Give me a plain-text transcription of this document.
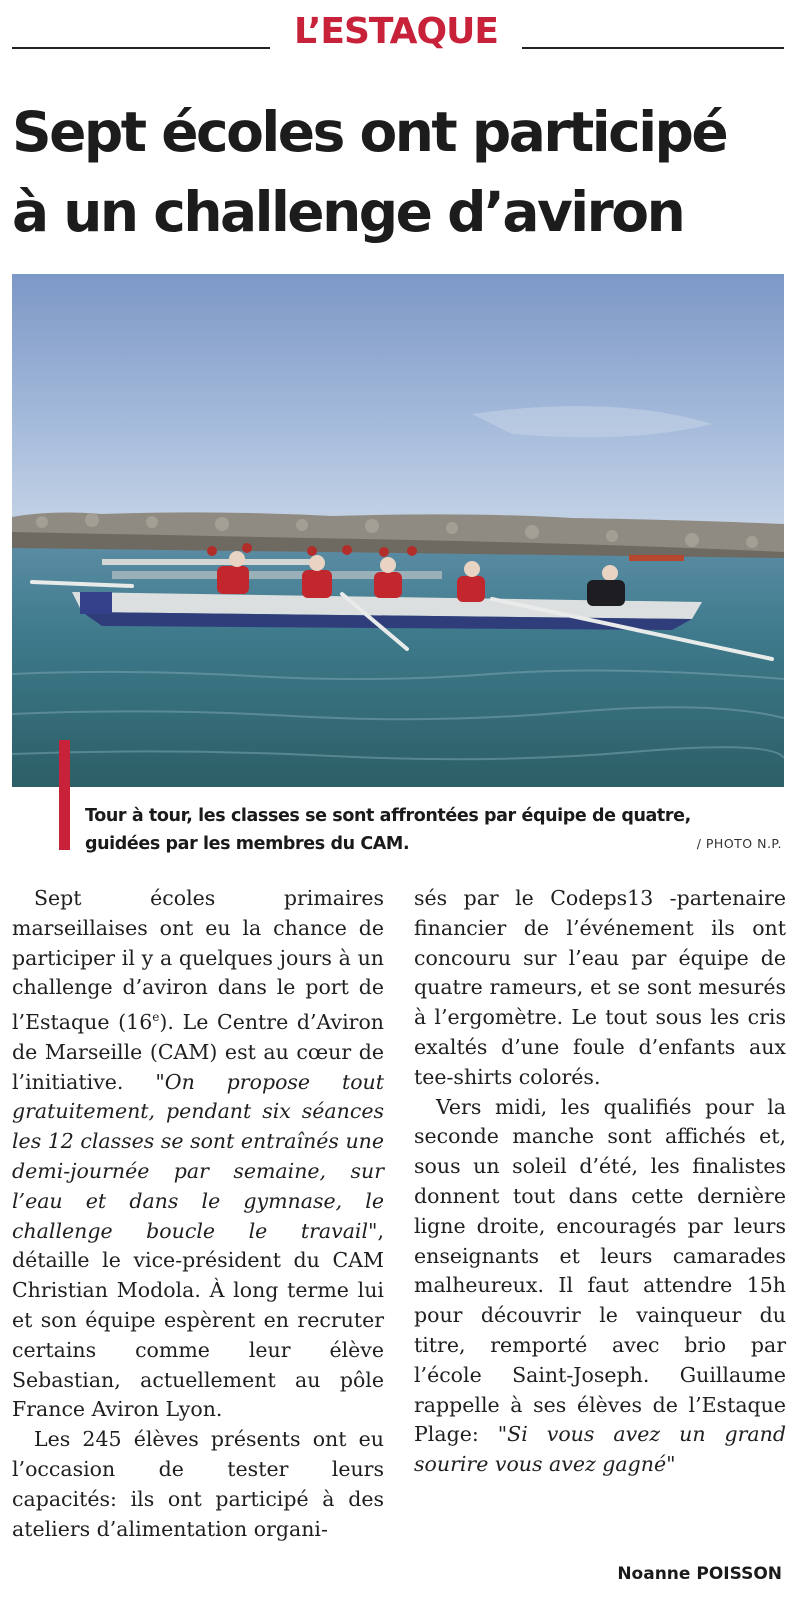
L’ESTAQUE
Sept écoles ont participé
à un challenge d’aviron
Tour à tour, les classes se sont affrontées par équipe de quatre,
guidées par les membres du CAM.	/ PHOTO N.P.

Sept écoles primaires marseillaises ont eu la chance de participer il y a quelques jours à un challenge d’aviron dans le port de l’Estaque (16e). Le Centre d’Aviron de Marseille (CAM) est au cœur de l’initiative. "On propose tout gratuitement, pendant six séances les 12 classes se sont entraînés une demi-journée par semaine, sur l’eau et dans le gymnase, le challenge boucle le travail", détaille le vice-président du CAM Christian Modola. À long terme lui et son équipe espèrent en recruter certains comme leur élève Sebastian, actuellement au pôle France Aviron Lyon.

Les 245 élèves présents ont eu l’occasion de tester leurs capacités: ils ont participé à des ateliers d’alimentation organi-

sés par le Codeps13 -partenaire financier de l’événement ils ont concouru sur l’eau par équipe de quatre rameurs, et se sont mesurés à l’ergomètre. Le tout sous les cris exaltés d’une foule d’enfants aux tee-shirts colorés.

Vers midi, les qualifiés pour la seconde manche sont affichés et, sous un soleil d’été, les finalistes donnent tout dans cette dernière ligne droite, encouragés par leurs enseignants et leurs camarades malheureux. Il faut attendre 15h pour découvrir le vainqueur du titre, remporté avec brio par l’école Saint-Joseph. Guillaume rappelle à ses élèves de l’Estaque Plage: "Si vous avez un grand sourire vous avez gagné"

Noanne POISSON
